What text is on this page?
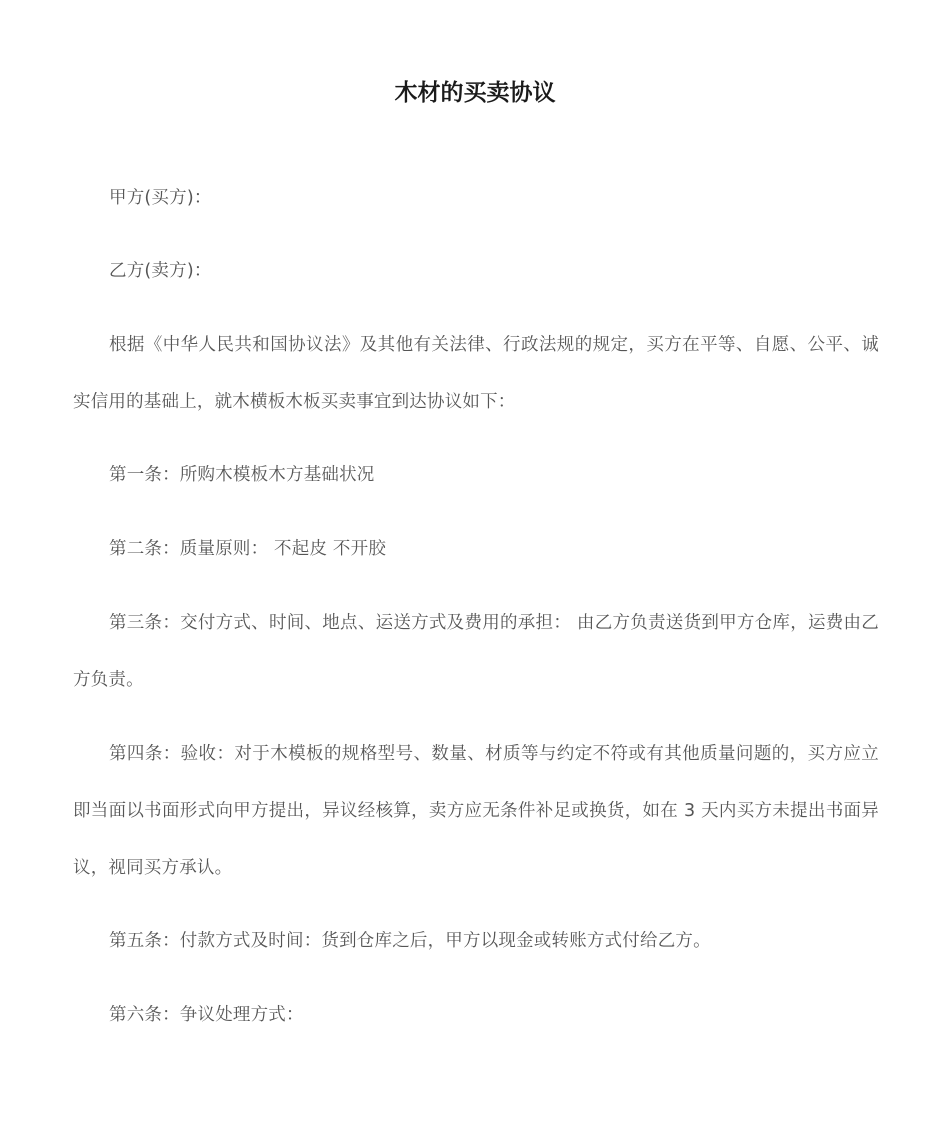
木材的买卖协议

甲方(买方)：

乙方(卖方)：

根据《中华人民共和国协议法》及其他有关法律、行政法规的规定，买方在平等、自愿、公平、诚实信用的基础上，就木横板木板买卖事宜到达协议如下：

第一条：所购木模板木方基础状况

第二条：质量原则： 不起皮 不开胶

第三条：交付方式、时间、地点、运送方式及费用的承担： 由乙方负责送货到甲方仓库，运费由乙方负责。

第四条：验收：对于木模板的规格型号、数量、材质等与约定不符或有其他质量问题的，买方应立即当面以书面形式向甲方提出，异议经核算，卖方应无条件补足或换货，如在 3 天内买方未提出书面异议，视同买方承认。

第五条：付款方式及时间：货到仓库之后，甲方以现金或转账方式付给乙方。

第六条：争议处理方式：
